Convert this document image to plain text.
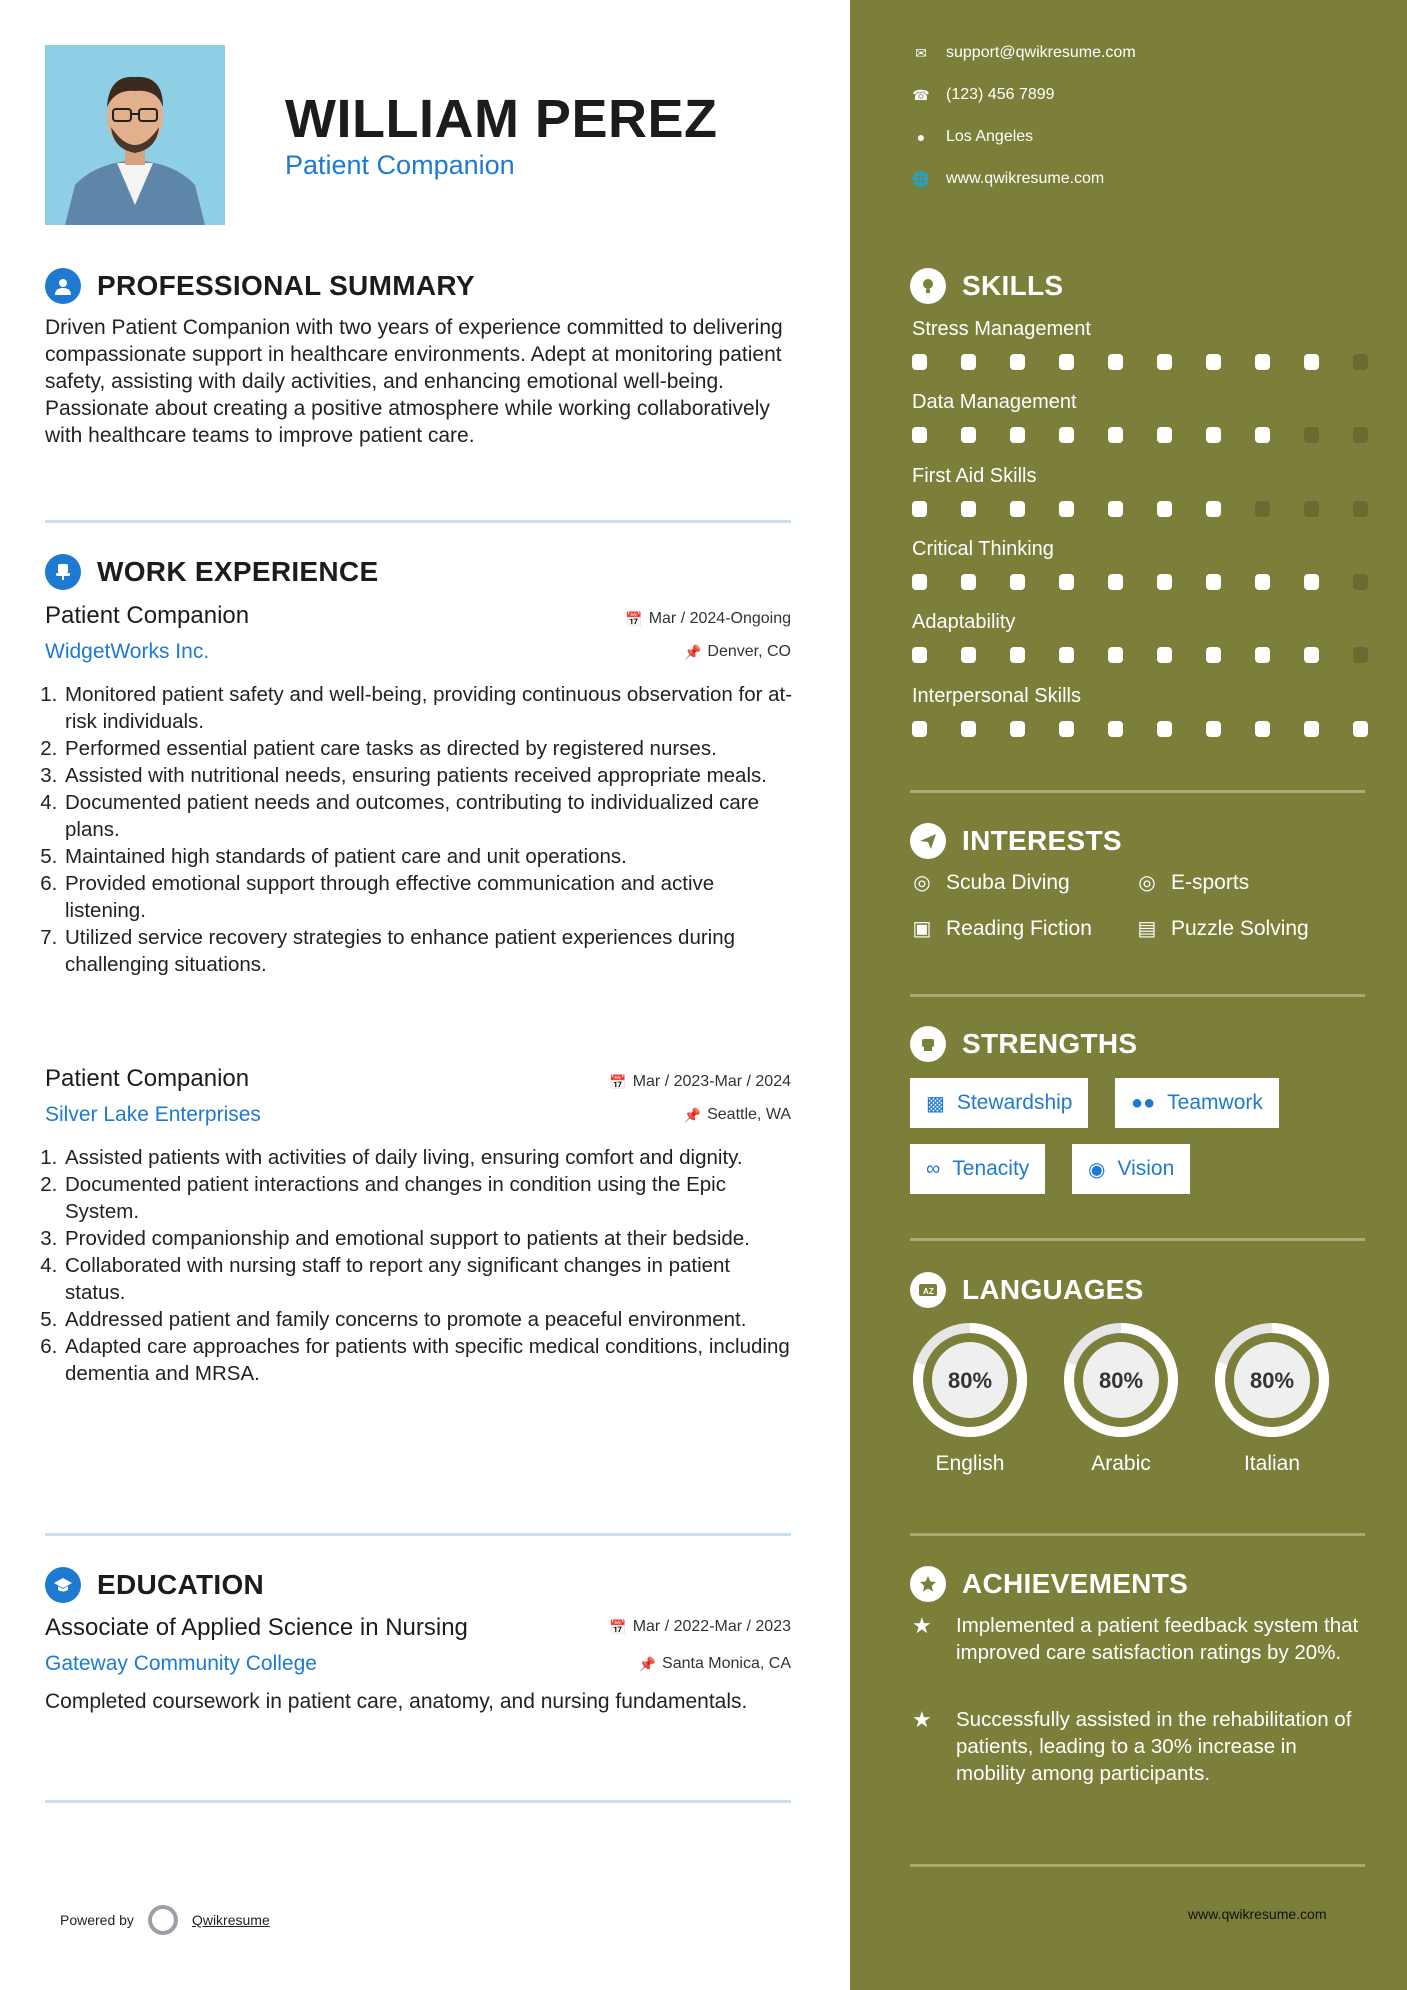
WILLIAM PEREZ
Patient Companion
PROFESSIONAL SUMMARY
Driven Patient Companion with two years of experience committed to delivering compassionate support in healthcare environments. Adept at monitoring patient safety, assisting with daily activities, and enhancing emotional well-being. Passionate about creating a positive atmosphere while working collaboratively with healthcare teams to improve patient care.
WORK EXPERIENCE
Patient Companion
WidgetWorks Inc.
📅 Mar / 2024-Ongoing
📌 Denver, CO
1. Monitored patient safety and well-being, providing continuous observation for at-risk individuals.
2. Performed essential patient care tasks as directed by registered nurses.
3. Assisted with nutritional needs, ensuring patients received appropriate meals.
4. Documented patient needs and outcomes, contributing to individualized care plans.
5. Maintained high standards of patient care and unit operations.
6. Provided emotional support through effective communication and active listening.
7. Utilized service recovery strategies to enhance patient experiences during challenging situations.
Patient Companion
Silver Lake Enterprises
📅 Mar / 2023-Mar / 2024
📌 Seattle, WA
1. Assisted patients with activities of daily living, ensuring comfort and dignity.
2. Documented patient interactions and changes in condition using the Epic System.
3. Provided companionship and emotional support to patients at their bedside.
4. Collaborated with nursing staff to report any significant changes in patient status.
5. Addressed patient and family concerns to promote a peaceful environment.
6. Adapted care approaches for patients with specific medical conditions, including dementia and MRSA.
EDUCATION
Associate of Applied Science in Nursing
Gateway Community College
📅 Mar / 2022-Mar / 2023
📌 Santa Monica, CA
Completed coursework in patient care, anatomy, and nursing fundamentals.
Powered by	Qwikresume
✉ support@qwikresume.com
☎ (123) 456 7899
● Los Angeles
🌐 www.qwikresume.com
SKILLS
Stress Management
Data Management
First Aid Skills
Critical Thinking
Adaptability
Interpersonal Skills
INTERESTS
◎ Scuba Diving	◎ E-sports
▣ Reading Fiction ▤ Puzzle Solving
STRENGTHS
▩ Stewardship	●● Teamwork
∞ Tenacity	◉ Vision
A Z LANGUAGES
80%
English
80%
Arabic
80%
Italian
ACHIEVEMENTS
★	Implemented a patient feedback system that improved care satisfaction ratings by 20%.
★	Successfully assisted in the rehabilitation of patients, leading to a 30% increase in mobility among participants.
www.qwikresume.com
